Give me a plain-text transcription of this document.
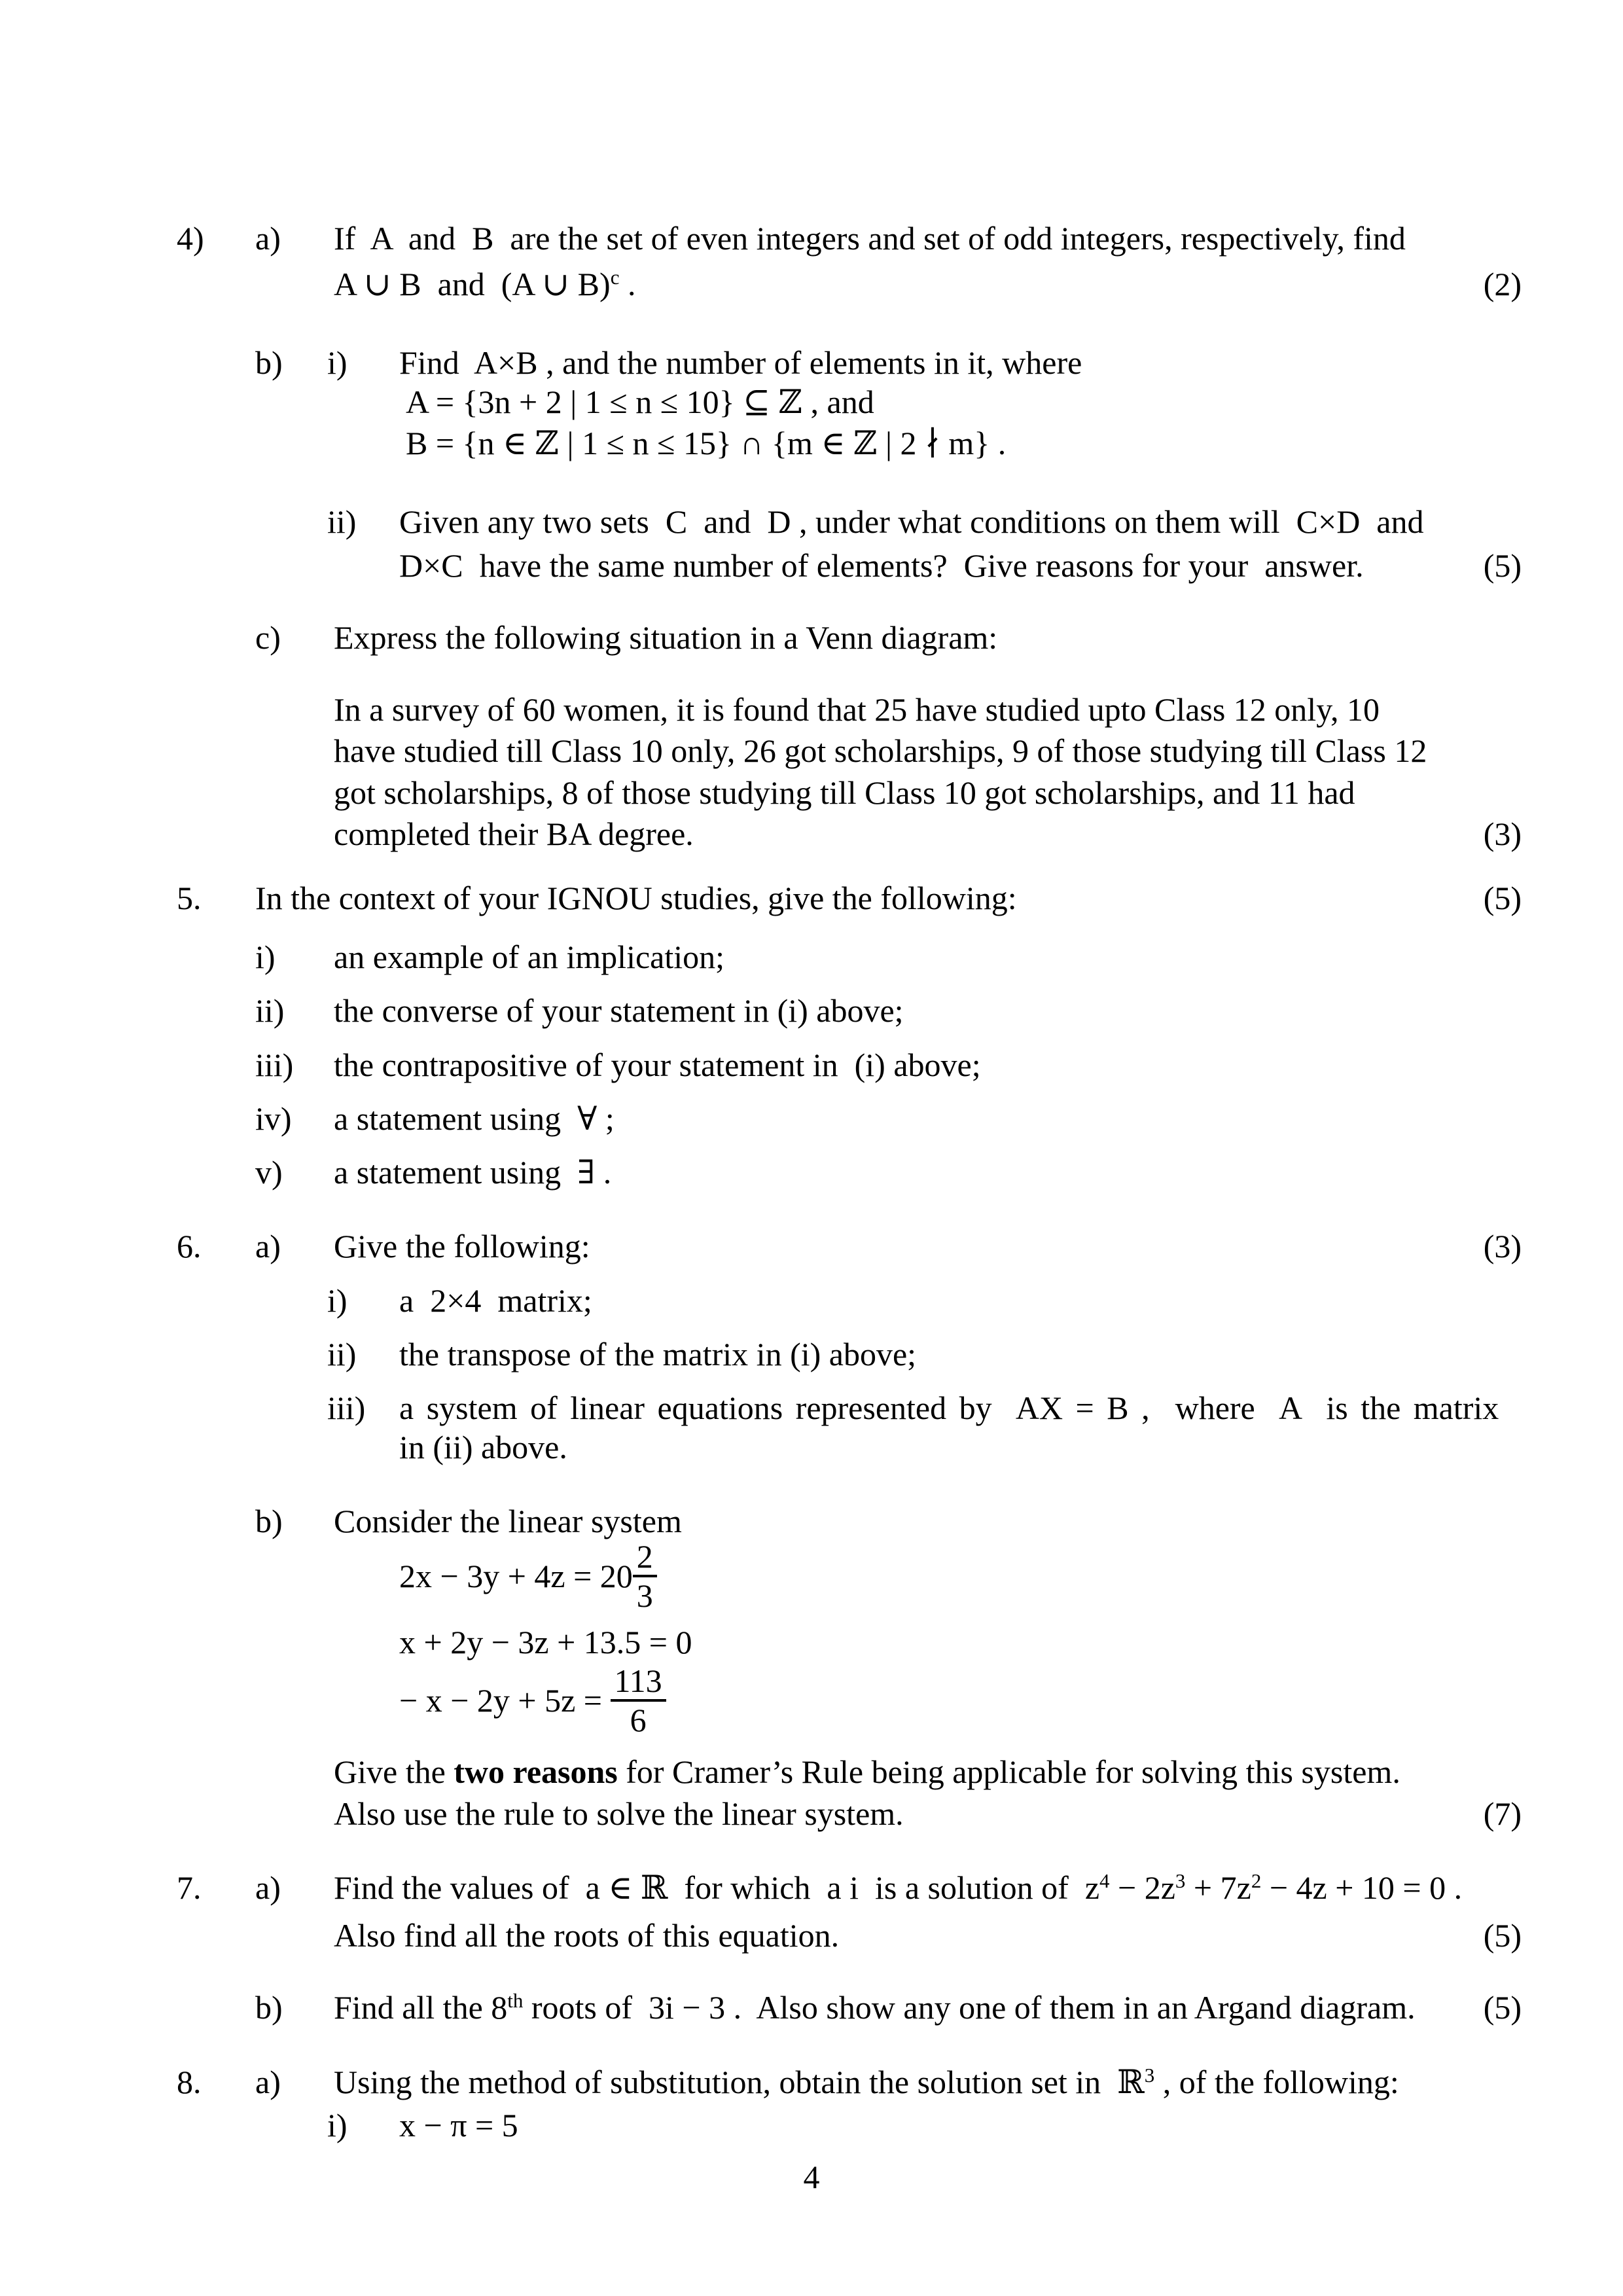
4) a) If  A  and  B  are the set of even integers and set of odd integers, respectively, find
A ∪ B  and  (A ∪ B)$^c$ .	(2)
b) i) Find  A×B , and the number of elements in it, where
A = {3n + 2 | 1 ≤ n ≤ 10} ⊆ ℤ , and
B = {n ∈ ℤ | 1 ≤ n ≤ 15} ∩ {m ∈ ℤ | 2 ∤ m} .
ii) Given any two sets  C  and  D , under what conditions on them will  C×D  and
D×C  have the same number of elements?  Give reasons for your  answer.	(5)
c) Express the following situation in a Venn diagram:
In a survey of 60 women, it is found that 25 have studied upto Class 12 only, 10
have studied till Class 10 only, 26 got scholarships, 9 of those studying till Class 12
got scholarships, 8 of those studying till Class 10 got scholarships, and 11 had
completed their BA degree.	(3)
5. In the context of your IGNOU studies, give the following:	(5)
i) an example of an implication;
ii) the converse of your statement in (i) above;
iii) the contrapositive of your statement in  (i) above;
iv) a statement using  ∀ ;
v) a statement using  ∃ .
6. a) Give the following:	(3)
i) a  2×4  matrix;
ii) the transpose of the matrix in (i) above;
iii) a system of linear equations represented by  AX = B ,  where  A  is the matrix
in (ii) above.
b) Consider the linear system
$2x - 3y + 4z = 20 \frac{2}{3}$
x + 2y − 3z + 13.5 = 0
− $x - 2y + 5z = \frac{113}{6}$
Give the two reasons for Cramer’s Rule being applicable for solving this system.
Also use the rule to solve the linear system.	(7)
7. a) Find the values of  a ∈ ℝ  for which  a i  is a solution of  $z^4 - 2z^3 + 7z^2 - 4z + 10 = 0$ .
Also find all the roots of this equation.	(5)
b) Find all the 8th roots of  3i − 3 .  Also show any one of them in an Argand diagram. (5)
8. a) Using the method of substitution, obtain the solution set in  ℝ$^3$ , of the following:
i) x − π = 5
4
